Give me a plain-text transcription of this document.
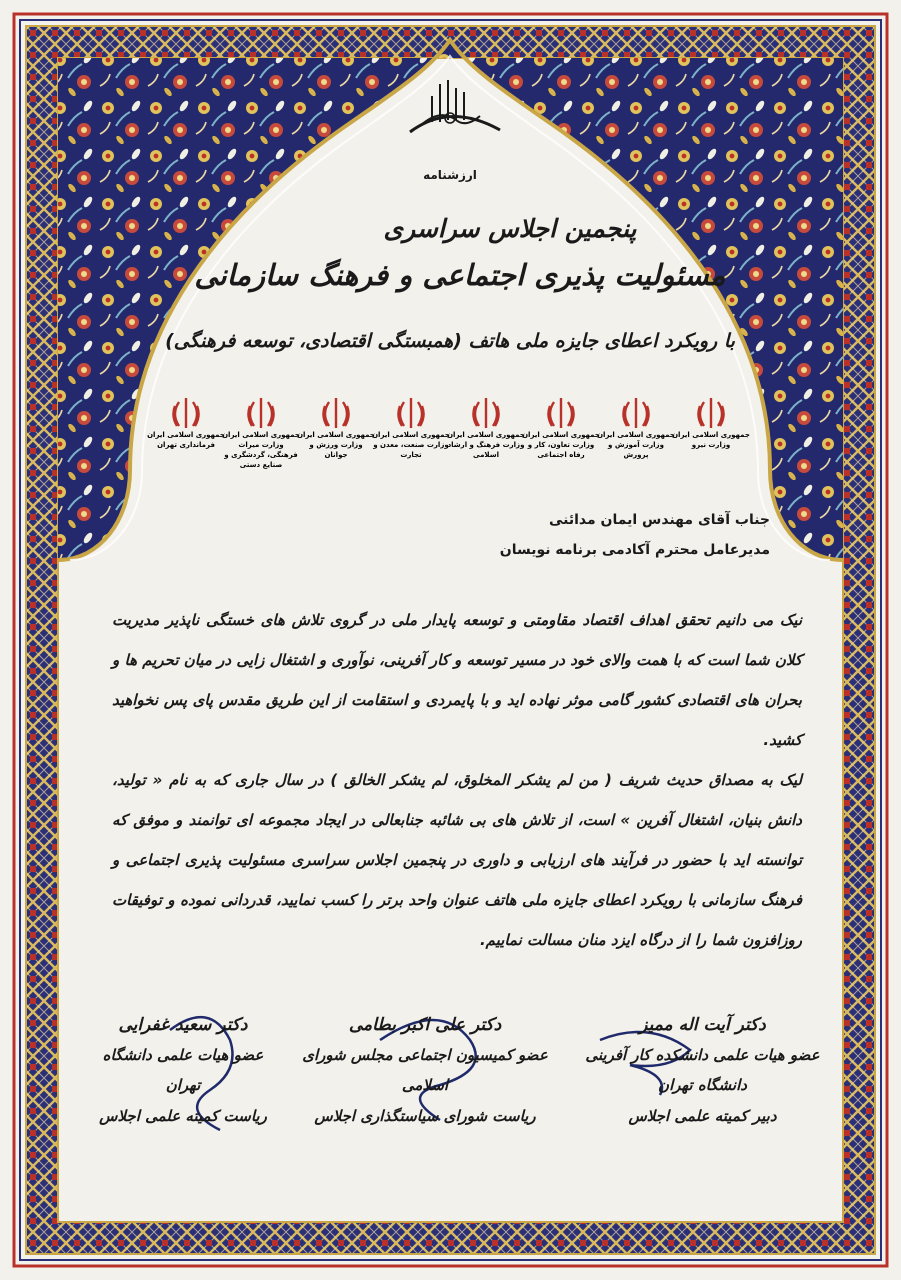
ارزشنامه
پنجمین اجلاس سراسری
مسئولیت پذیری اجتماعی و فرهنگ سازمانی
با رویکرد اعطای جایزه ملی هاتف (همبستگی اقتصادی، توسعه فرهنگی)
جمهوری اسلامی ایران
وزارت نیرو
جمهوری اسلامی ایران
وزارت آموزش و پرورش
جمهوری اسلامی ایران
وزارت تعاون، کار و رفاه اجتماعی
جمهوری اسلامی ایران
وزارت فرهنگ و ارشاد اسلامی
جمهوری اسلامی ایران
وزارت صنعت، معدن و تجارت
جمهوری اسلامی ایران
وزارت ورزش و جوانان
جمهوری اسلامی ایران
وزارت میراث فرهنگی، گردشگری و صنایع دستی
جمهوری اسلامی ایران
فرمانداری تهران
جناب آقای مهندس ایمان مدائنی
مدیرعامل محترم آکادمی برنامه نویسان

نیک می دانیم تحقق اهداف اقتصاد مقاومتی و توسعه پایدار ملی در گروی تلاش های خستگی ناپذیر مدیریت کلان شما است که با همت والای خود در مسیر توسعه و کار آفرینی، نوآوری و اشتغال زایی در میان تحریم ها و بحران های اقتصادی کشور گامی موثر نهاده اید و با پایمردی و استقامت از این طریق مقدس پای پس نخواهید کشید.

لیک به مصداق حدیث شریف ( من لم یشکر المخلوق، لم یشکر الخالق ) در سال جاری که به نام « تولید، دانش بنیان، اشتغال آفرین » است، از تلاش های بی شائبه جنابعالی در ایجاد مجموعه ای توانمند و موفق که توانسته اید با حضور در فرآیند های ارزیابی و داوری در پنجمین اجلاس سراسری مسئولیت پذیری اجتماعی و فرهنگ سازمانی با رویکرد اعطای جایزه ملی هاتف عنوان واحد برتر را کسب نمایید، قدردانی نموده و توفیقات روزافزون شما را از درگاه ایزد منان مسالت نماییم.

دکتر آیت اله ممیز
عضو هیات علمی دانشکده کار آفرینی دانشگاه تهران
دبیر کمیته علمی اجلاس
دکتر علی اکبر بطامی
عضو کمیسیون اجتماعی مجلس شورای اسلامی
ریاست شورای سیاستگذاری اجلاس
دکتر سعید غفرایی
عضو هیات علمی دانشگاه تهران
ریاست کمیته علمی اجلاس
